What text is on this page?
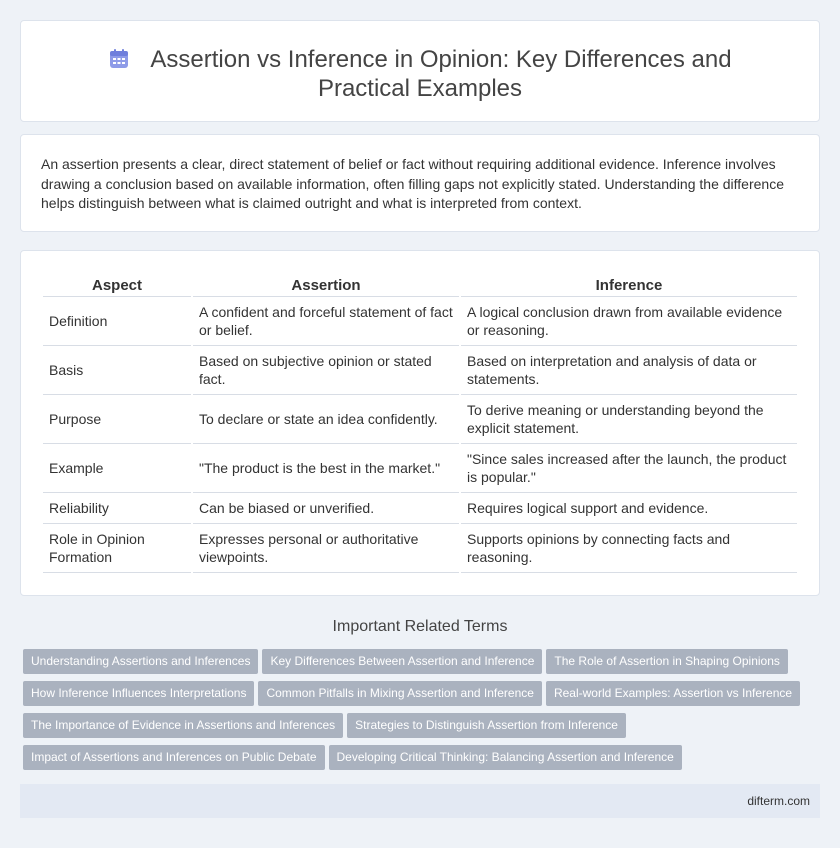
Assertion vs Inference in Opinion: Key Differences and Practical Examples

An assertion presents a clear, direct statement of belief or fact without requiring additional evidence. Inference involves drawing a conclusion based on available information, often filling gaps not explicitly stated. Understanding the difference helps distinguish between what is claimed outright and what is interpreted from context.

Aspect	Assertion	Inference
Definition	A confident and forceful statement of fact or belief.	A logical conclusion drawn from available evidence or reasoning.
Basis	Based on subjective opinion or stated fact.	Based on interpretation and analysis of data or statements.
Purpose	To declare or state an idea confidently.	To derive meaning or understanding beyond the explicit statement.
Example	"The product is the best in the market."	"Since sales increased after the launch, the product is popular."
Reliability	Can be biased or unverified.	Requires logical support and evidence.
Role in Opinion Formation	Expresses personal or authoritative viewpoints.	Supports opinions by connecting facts and reasoning.
Important Related Terms
Understanding Assertions and Inferences Key Differences Between Assertion and Inference The Role of Assertion in Shaping Opinions
How Inference Influences Interpretations Common Pitfalls in Mixing Assertion and Inference Real-world Examples: Assertion vs Inference
The Importance of Evidence in Assertions and Inferences Strategies to Distinguish Assertion from Inference
Impact of Assertions and Inferences on Public Debate Developing Critical Thinking: Balancing Assertion and Inference
difterm.com
